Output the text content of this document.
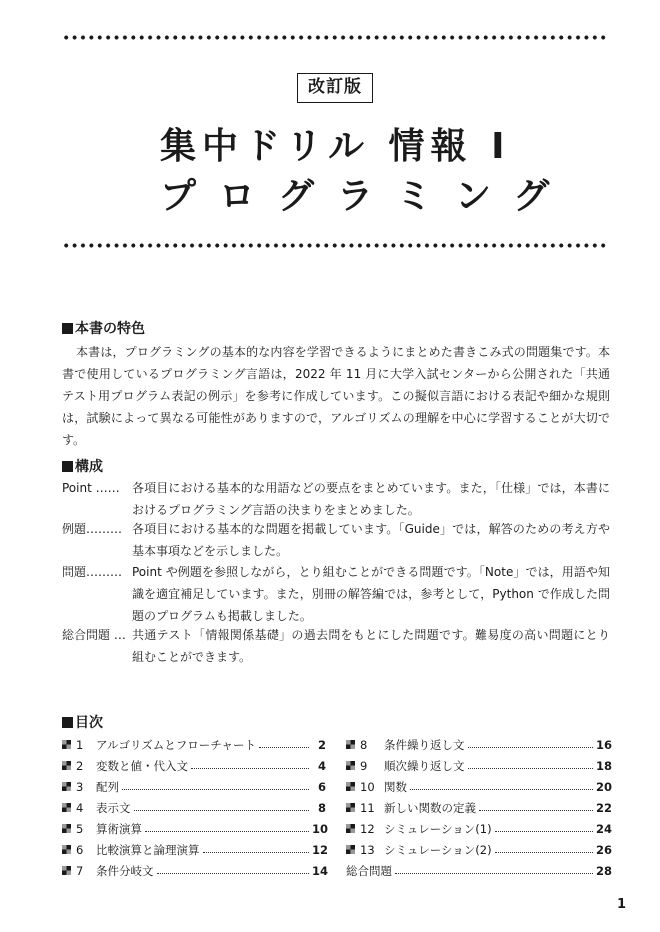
改訂版
集中ドリル 情報 I
プログラミング
本書の特色

本書は，プログラミングの基本的な内容を学習できるようにまとめた書きこみ式の問題集です。本書で使用しているプログラミング言語は，2022 年 11 月に大学入試センターから公開された「共通テスト用プログラム表記の例示」を参考に作成しています。この擬似言語における表記や細かな規則は，試験によって異なる可能性がありますので，アルゴリズムの理解を中心に学習することが大切です。

構成
Point ……	各項目における基本的な用語などの要点をまとめています。また，「仕様」では，本書におけるプログラミング言語の決まりをまとめました。
例題……… 各項目における基本的な問題を掲載しています。「Guide」では，解答のための考え方や基本事項などを示しました。
問題……… Point や例題を参照しながら，とり組むことができる問題です。「Note」では，用語や知識を適宜補足しています。また，別冊の解答編では，参考として，Python で作成した問題のプログラムも掲載しました。
総合問題 … 共通テスト「情報関係基礎」の過去問をもとにした問題です。難易度の高い問題にとり組むことができます。
目次
1	アルゴリズムとフローチャート	2
2	変数と値・代入文	4
3	配列	6
4	表示文	8
5	算術演算	10
6	比較演算と論理演算	12
7	条件分岐文	14
8	条件繰り返し文	16
9	順次繰り返し文	18
10 関数	20
11 新しい関数の定義	22
12 シミュレーション(1)	24
13 シミュレーション(2)	26
総合問題	28
1
